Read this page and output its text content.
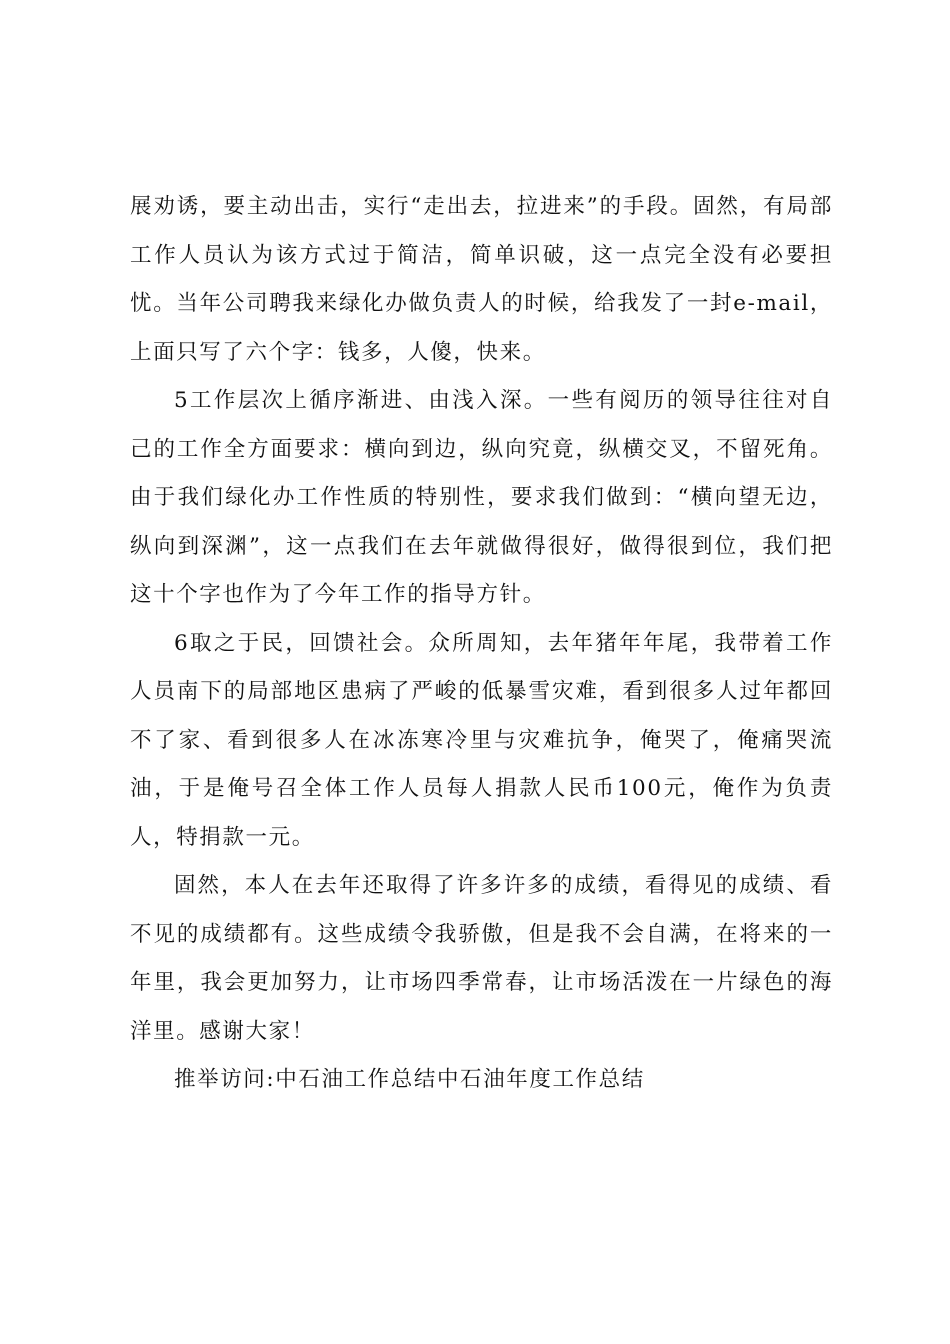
展劝诱，要主动出击，实行“走出去，拉进来”的手段。固然，有局部工作人员认为该方式过于简洁，简单识破，这一点完全没有必要担忧。当年公司聘我来绿化办做负责人的时候，给我发了一封e-mail，上面只写了六个字：钱多，人傻，快来。

5工作层次上循序渐进、由浅入深。一些有阅历的领导往往对自己的工作全方面要求：横向到边，纵向究竟，纵横交叉，不留死角。由于我们绿化办工作性质的特别性，要求我们做到：“横向望无边，纵向到深渊”，这一点我们在去年就做得很好，做得很到位，我们把这十个字也作为了今年工作的指导方针。

6取之于民，回馈社会。众所周知，去年猪年年尾，我带着工作人员南下的局部地区患病了严峻的低暴雪灾难，看到很多人过年都回不了家、看到很多人在冰冻寒冷里与灾难抗争，俺哭了，俺痛哭流油，于是俺号召全体工作人员每人捐款人民币100元，俺作为负责人，特捐款一元。

固然，本人在去年还取得了许多许多的成绩，看得见的成绩、看不见的成绩都有。这些成绩令我骄傲，但是我不会自满，在将来的一年里，我会更加努力，让市场四季常春，让市场活泼在一片绿色的海洋里。感谢大家！

推举访问:中石油工作总结中石油年度工作总结
